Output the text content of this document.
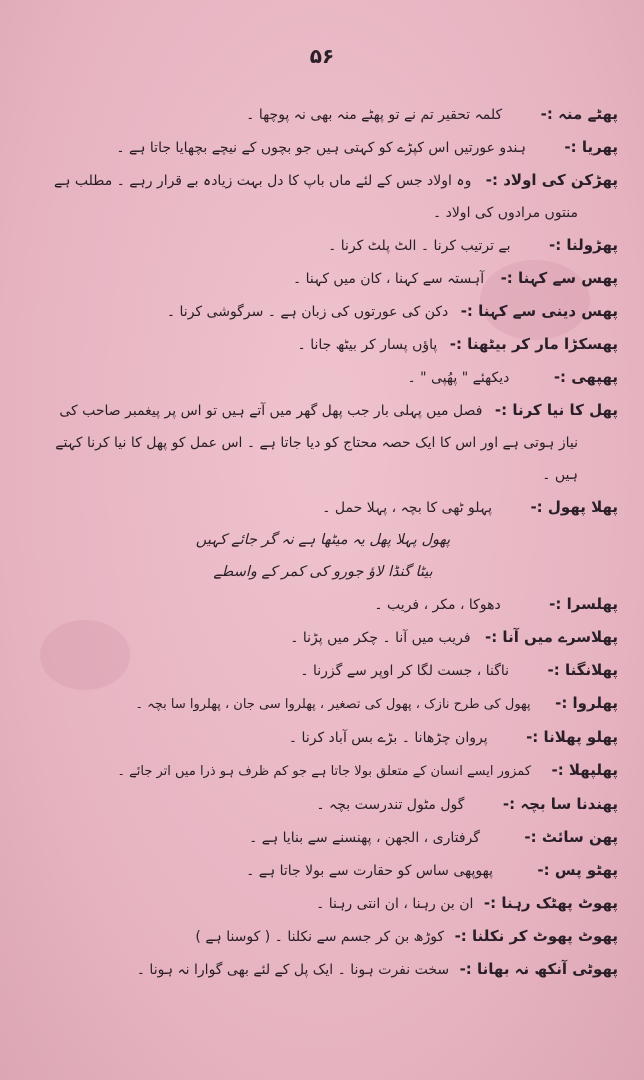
۵۶
پھٹے منہ :- کلمہ تحقیر تم نے تو پھٹے منہ بھی نہ پوچھا ۔
پھریا :- ہندو عورتیں اس کپڑے کو کہتی ہیں جو بچوں کے نیچے بچھایا جاتا ہے ۔
پھڑکن کی اولاد :- وہ اولاد جس کے لئے ماں باپ کا دل بہت زیادہ بے قرار رہے ۔ مطلب ہے
منتوں مرادوں کی اولاد ۔
پھڑولنا :- بے ترتیب کرنا ۔ الٹ پلٹ کرنا ۔
پھس سے کہنا :- آہستہ سے کہنا ، کان میں کہنا ۔
پھس دینی سے کہنا :- دکن کی عورتوں کی زبان ہے ۔ سرگوشی کرنا ۔
پھسکڑا مار کر بیٹھنا :- پاؤں پسار کر بیٹھ جانا ۔
پھپھی :- دیکھئے " پھُپی " ۔
پھل کا نیا کرنا :- فصل میں پہلی بار جب پھل گھر میں آتے ہیں تو اس پر پیغمبر صاحب کی
نیاز ہوتی ہے اور اس کا ایک حصہ محتاج کو دیا جاتا ہے ۔ اس عمل کو پھل کا نیا کرنا کہتے ہیں ۔
پھلا پھول :- پہلو ٹھی کا بچہ ، پہلا حمل ۔
پھول پہلا پھل یہ میٹھا ہے نہ گر جائے کہیں
بیٹا گنڈا لاؤ جورو کی کمر کے واسطے
پھلسرا :- دھوکا ، مکر ، فریب ۔
پھلاسرے میں آنا :- فریب میں آنا ۔ چکر میں پڑنا ۔
پھلانگنا :- ناگنا ، جست لگا کر اوپر سے گزرنا ۔
پھلروا :- پھول کی طرح نازک ، پھول کی تصغیر ، پھلروا سی جان ، پھلروا سا بچہ ۔
پھلو پھلانا :- پروان چڑھانا ۔ بڑے بس آباد کرنا ۔
پھلپھلا :- کمزور ایسے انسان کے متعلق بولا جاتا ہے جو کم ظرف ہو ذرا میں اتر جائے ۔
پھندنا سا بچہ :- گول مٹول تندرست بچہ ۔
پھن سائٹ :- گرفتاری ، الجھن ، پھنسنے سے بنایا ہے ۔
پھٹو پس :- پھوپھی ساس کو حقارت سے بولا جاتا ہے ۔
پھوٹ پھٹک رہنا :- ان بن رہنا ، ان انتی رہنا ۔
پھوٹ پھوٹ کر نکلنا :- کوڑھ بن کر جسم سے نکلنا ۔ ( کوسنا ہے )
پھوٹی آنکھ نہ بھانا :- سخت نفرت ہونا ۔ ایک پل کے لئے بھی گوارا نہ ہونا ۔
